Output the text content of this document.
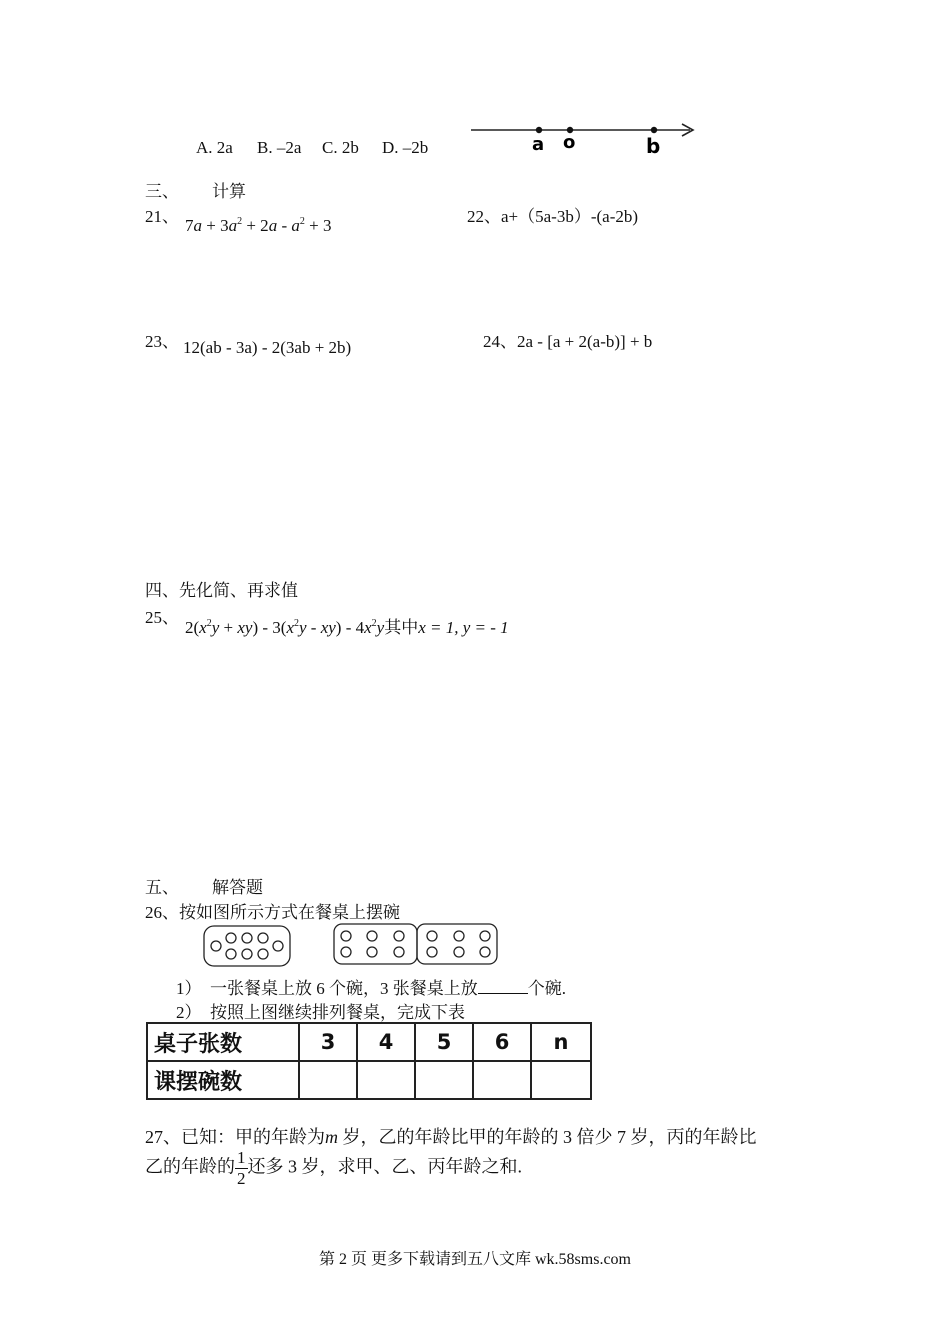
A. 2a B. –2a C. 2b D. –2b	a o	b
三、 计算
21、 $7a + 3a^2 + 2a - a^2 + 3$	22、a+（5a-3b）-(a-2b)
23、 12(ab - 3a) - 2(3ab + 2b)	24、2a - [a + 2(a-b)] + b
四、先化简、再求值
25、
$2(x^2y + xy) - 3(x^2y - xy) - 4x^2y$其中x = 1, y = - 1
五、 解答题
26、按如图所示方式在餐桌上摆碗
1） 一张餐桌上放 6 个碗，3 张餐桌上放	个碗.
2） 按照上图继续排列餐桌，完成下表
桌子张数	3	4	5	6	n
课摆碗数					
27、已知：甲的年龄为m 岁，乙的年龄比甲的年龄的 3 倍少 7 岁，丙的年龄比
乙的年龄的 $\frac{1}{2}$ 还多 3 岁，求甲、乙、丙年龄之和.
第 2 页 更多下载请到五八文库 wk.58sms.com
